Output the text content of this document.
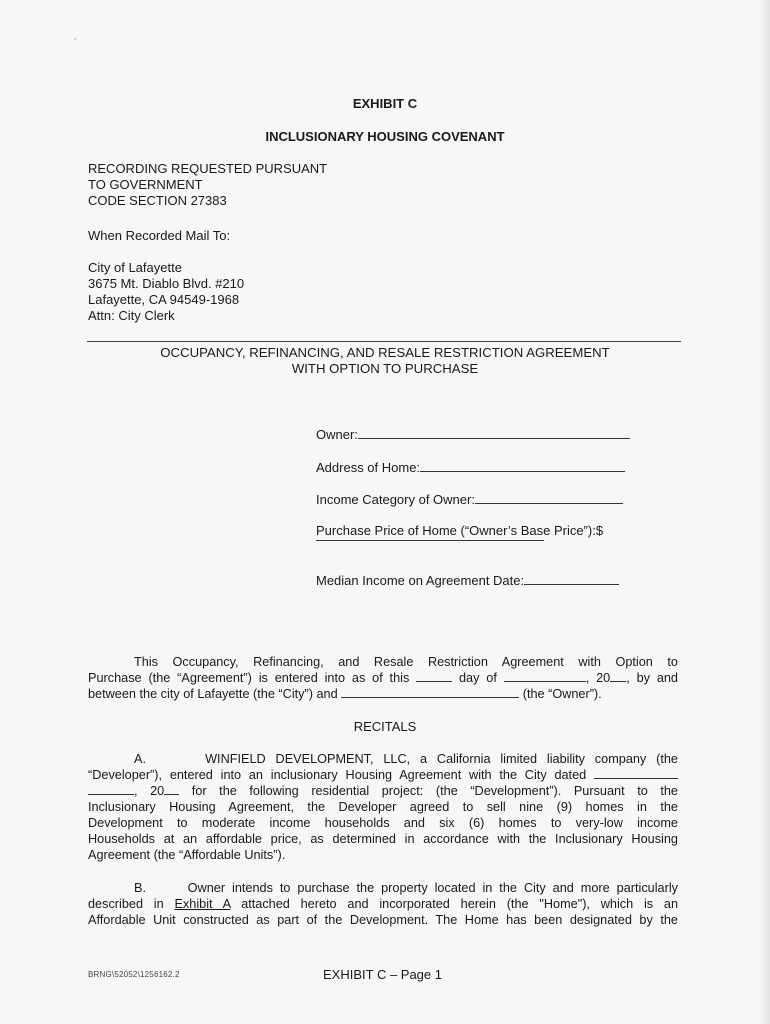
EXHIBIT C
INCLUSIONARY HOUSING COVENANT
RECORDING REQUESTED PURSUANT
TO GOVERNMENT
CODE SECTION 27383
When Recorded Mail To:
City of Lafayette
3675 Mt. Diablo Blvd. #210
Lafayette, CA 94549-1968
Attn: City Clerk
OCCUPANCY, REFINANCING, AND RESALE RESTRICTION AGREEMENT
WITH OPTION TO PURCHASE
Owner:
Address of Home:
Income Category of Owner:
Purchase Price of Home (“Owner’s Base Price”):$
Median Income on Agreement Date:
This Occupancy, Refinancing, and Resale Restriction Agreement with Option to
Purchase (the “Agreement”) is entered into as of this	day of	, 20 , by and
between the city of Lafayette (the “City”) and	(the “Owner”).
RECITALS
A.      WINFIELD DEVELOPMENT, LLC, a California limited liability company (the
“Developer”), entered into an inclusionary Housing Agreement with the City dated
, 20 for the following residential project: (the “Development”). Pursuant to the
Inclusionary Housing Agreement, the Developer agreed to sell nine (9) homes in the
Development to moderate income households and six (6) homes to very-low income
Households at an affordable price, as determined in accordance with the Inclusionary Housing
Agreement (the “Affordable Units”).
B.      Owner intends to purchase the property located in the City and more particularly
described in Exhibit A attached hereto and incorporated herein (the "Home"), which is an
Affordable Unit constructed as part of the Development. The Home has been designated by the
BRNG\52052\1256162.2	EXHIBIT C – Page 1
